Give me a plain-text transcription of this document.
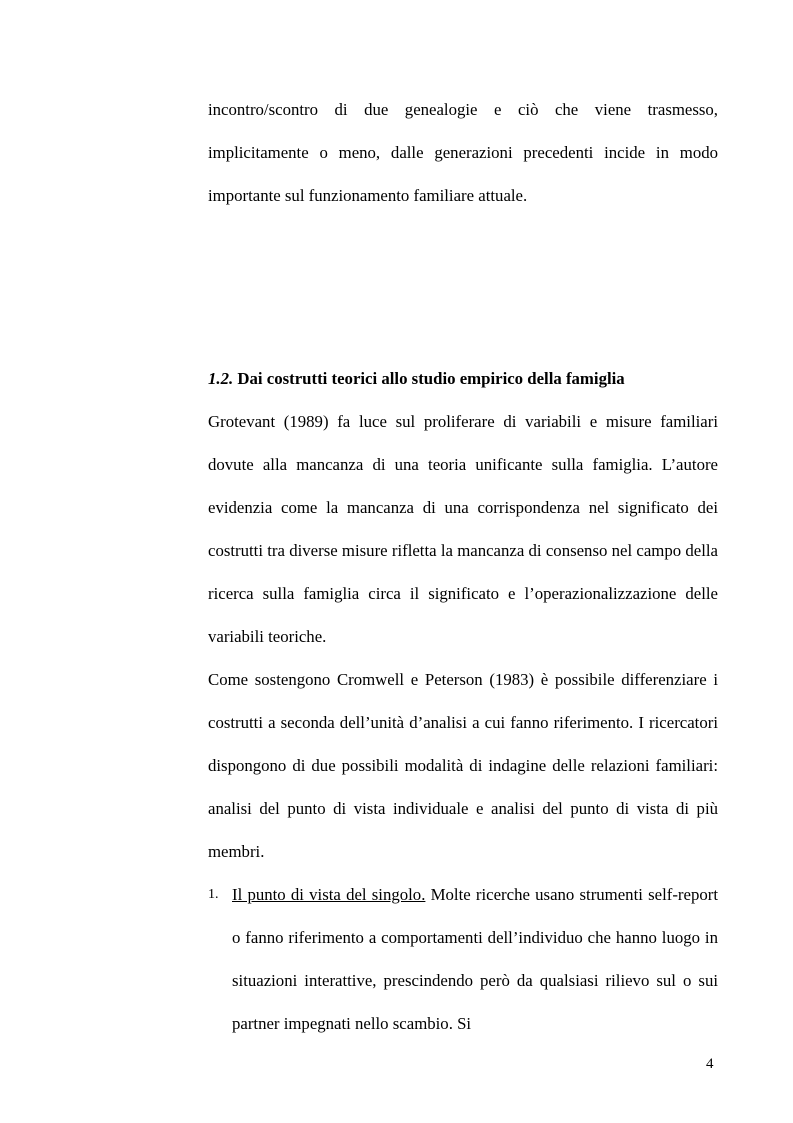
incontro/scontro di due genealogie e ciò che viene trasmesso, implicitamente o meno, dalle generazioni precedenti incide in modo importante sul funzionamento familiare attuale.

1.2. Dai costrutti teorici allo studio empirico della famiglia

Grotevant (1989) fa luce sul proliferare di variabili e misure familiari dovute alla mancanza di una teoria unificante sulla famiglia. L’autore evidenzia come la mancanza di una corrispondenza nel significato dei costrutti tra diverse misure rifletta la mancanza di consenso nel campo della ricerca sulla famiglia circa il significato e l’operazionalizzazione delle variabili teoriche.

Come sostengono Cromwell e Peterson (1983) è possibile differenziare i costrutti a seconda dell’unità d’analisi a cui fanno riferimento. I ricercatori dispongono di due possibili modalità di indagine delle relazioni familiari: analisi del punto di vista individuale e analisi del punto di vista di più membri.

1. Il punto di vista del singolo. Molte ricerche usano strumenti self-report o fanno riferimento a comportamenti dell’individuo che hanno luogo in situazioni interattive, prescindendo però da qualsiasi rilievo sul o sui partner impegnati nello scambio. Si
4
